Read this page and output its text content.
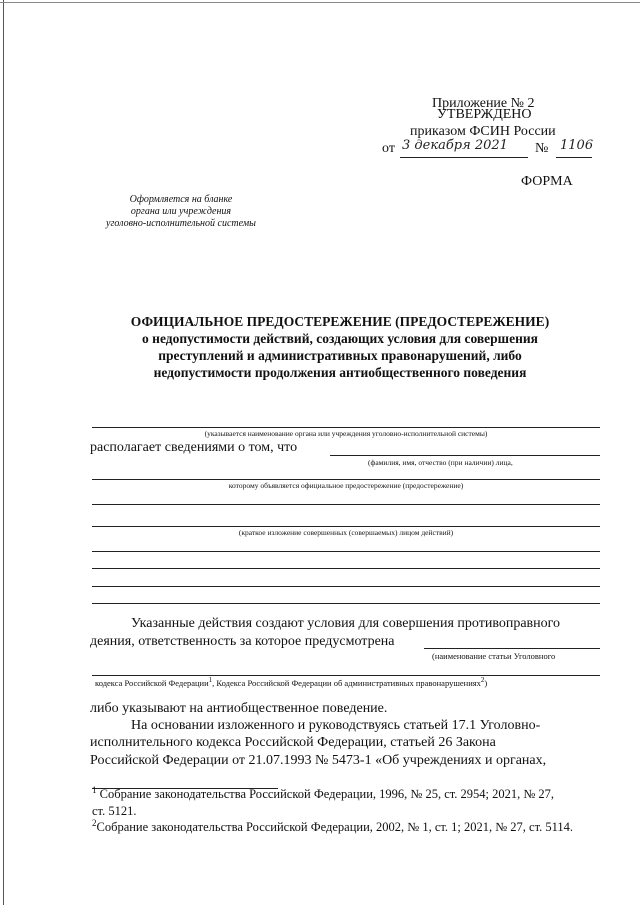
Приложение № 2
УТВЕРЖДЕНО
приказом ФСИН России
от 3 декабря 2021 № 1106
ФОРМА
Оформляется на бланке
органа или учреждения
уголовно-исполнительной системы
ОФИЦИАЛЬНОЕ ПРЕДОСТЕРЕЖЕНИЕ (ПРЕДОСТЕРЕЖЕНИЕ)
о недопустимости действий, создающих условия для совершения
преступлений и административных правонарушений, либо
недопустимости продолжения антиобщественного поведения
(указывается наименование органа или учреждения уголовно-исполнительной системы)
располагает сведениями о том, что
(фамилия, имя, отчество (при наличии) лица,
которому объявляется официальное предостережение (предостережение)
(краткое изложение совершенных (совершаемых) лицом действий)
Указанные действия создают условия для совершения противоправного
деяния, ответственность за которое предусмотрена
(наименование статьи Уголовного
кодекса Российской Федерации$^1$, Кодекса Российской Федерации об административных правонарушениях$^2$)
либо указывают на антиобщественное поведение.
На основании изложенного и руководствуясь статьей 17.1 Уголовно-
исполнительного кодекса Российской Федерации, статьей 26 Закона
Российской Федерации от 21.07.1993 № 5473-1 «Об учреждениях и органах,
$^1$ Собрание законодательства Российской Федерации, 1996, № 25, ст. 2954; 2021, № 27,
ст. 5121.
$^2$Собрание законодательства Российской Федерации, 2002, № 1, ст. 1; 2021, № 27, ст. 5114.
